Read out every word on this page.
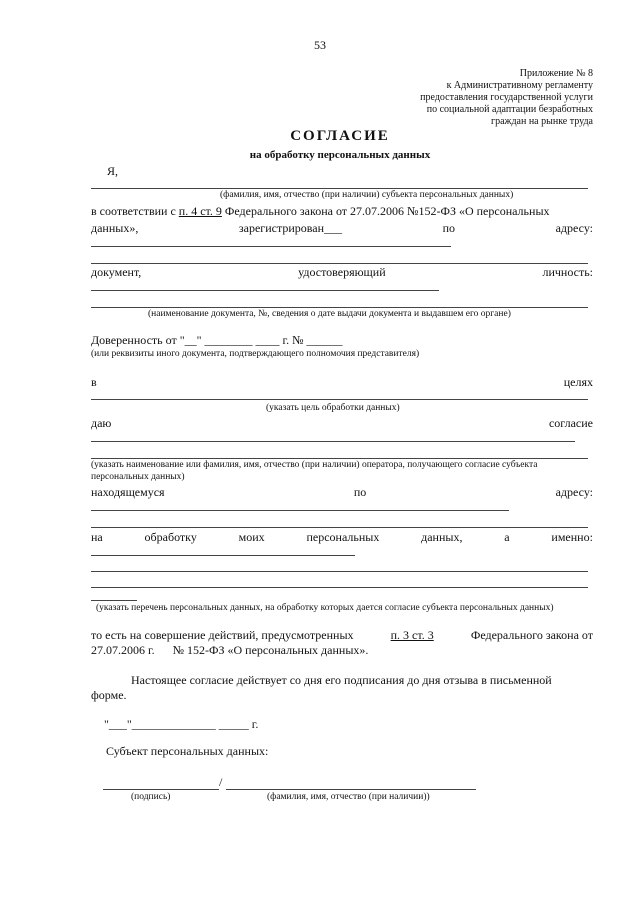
53
Приложение № 8
к Административному регламенту
предоставления государственной услуги
по социальной адаптации безработных
граждан на рынке труда
СОГЛАСИЕ
на обработку персональных данных
Я,
(фамилия, имя, отчество (при наличии) субъекта персональных данных)
в соответствии с п. 4 ст. 9 Федерального закона от 27.07.2006 №152-ФЗ «О персональных
данных»,	зарегистрирован___	по	адресу:
документ,	удостоверяющий	личность:
(наименование документа, №, сведения о дате выдачи документа и выдавшем его органе)
Доверенность от "__" ________ ____ г. № ______
(или реквизиты иного документа, подтверждающего полномочия представителя)
в	целях
(указать цель обработки данных)
даю	согласие
(указать наименование или фамилия, имя, отчество (при наличии) оператора, получающего согласие субъекта
персональных данных)
находящемуся	по	адресу:
на	обработку	моих	персональных	данных,	а	именно:
(указать перечень персональных данных, на обработку которых дается согласие субъекта персональных данных)
то есть на совершение действий, предусмотренных	п. 3 ст. 3	Федерального закона от
27.07.2006 г.      № 152-ФЗ «О персональных данных».
Настоящее согласие действует со дня его подписания до дня отзыва в письменной
форме.
"___"______________ _____ г.
Субъект персональных данных:
/
(подпись)	(фамилия, имя, отчество (при наличии))
